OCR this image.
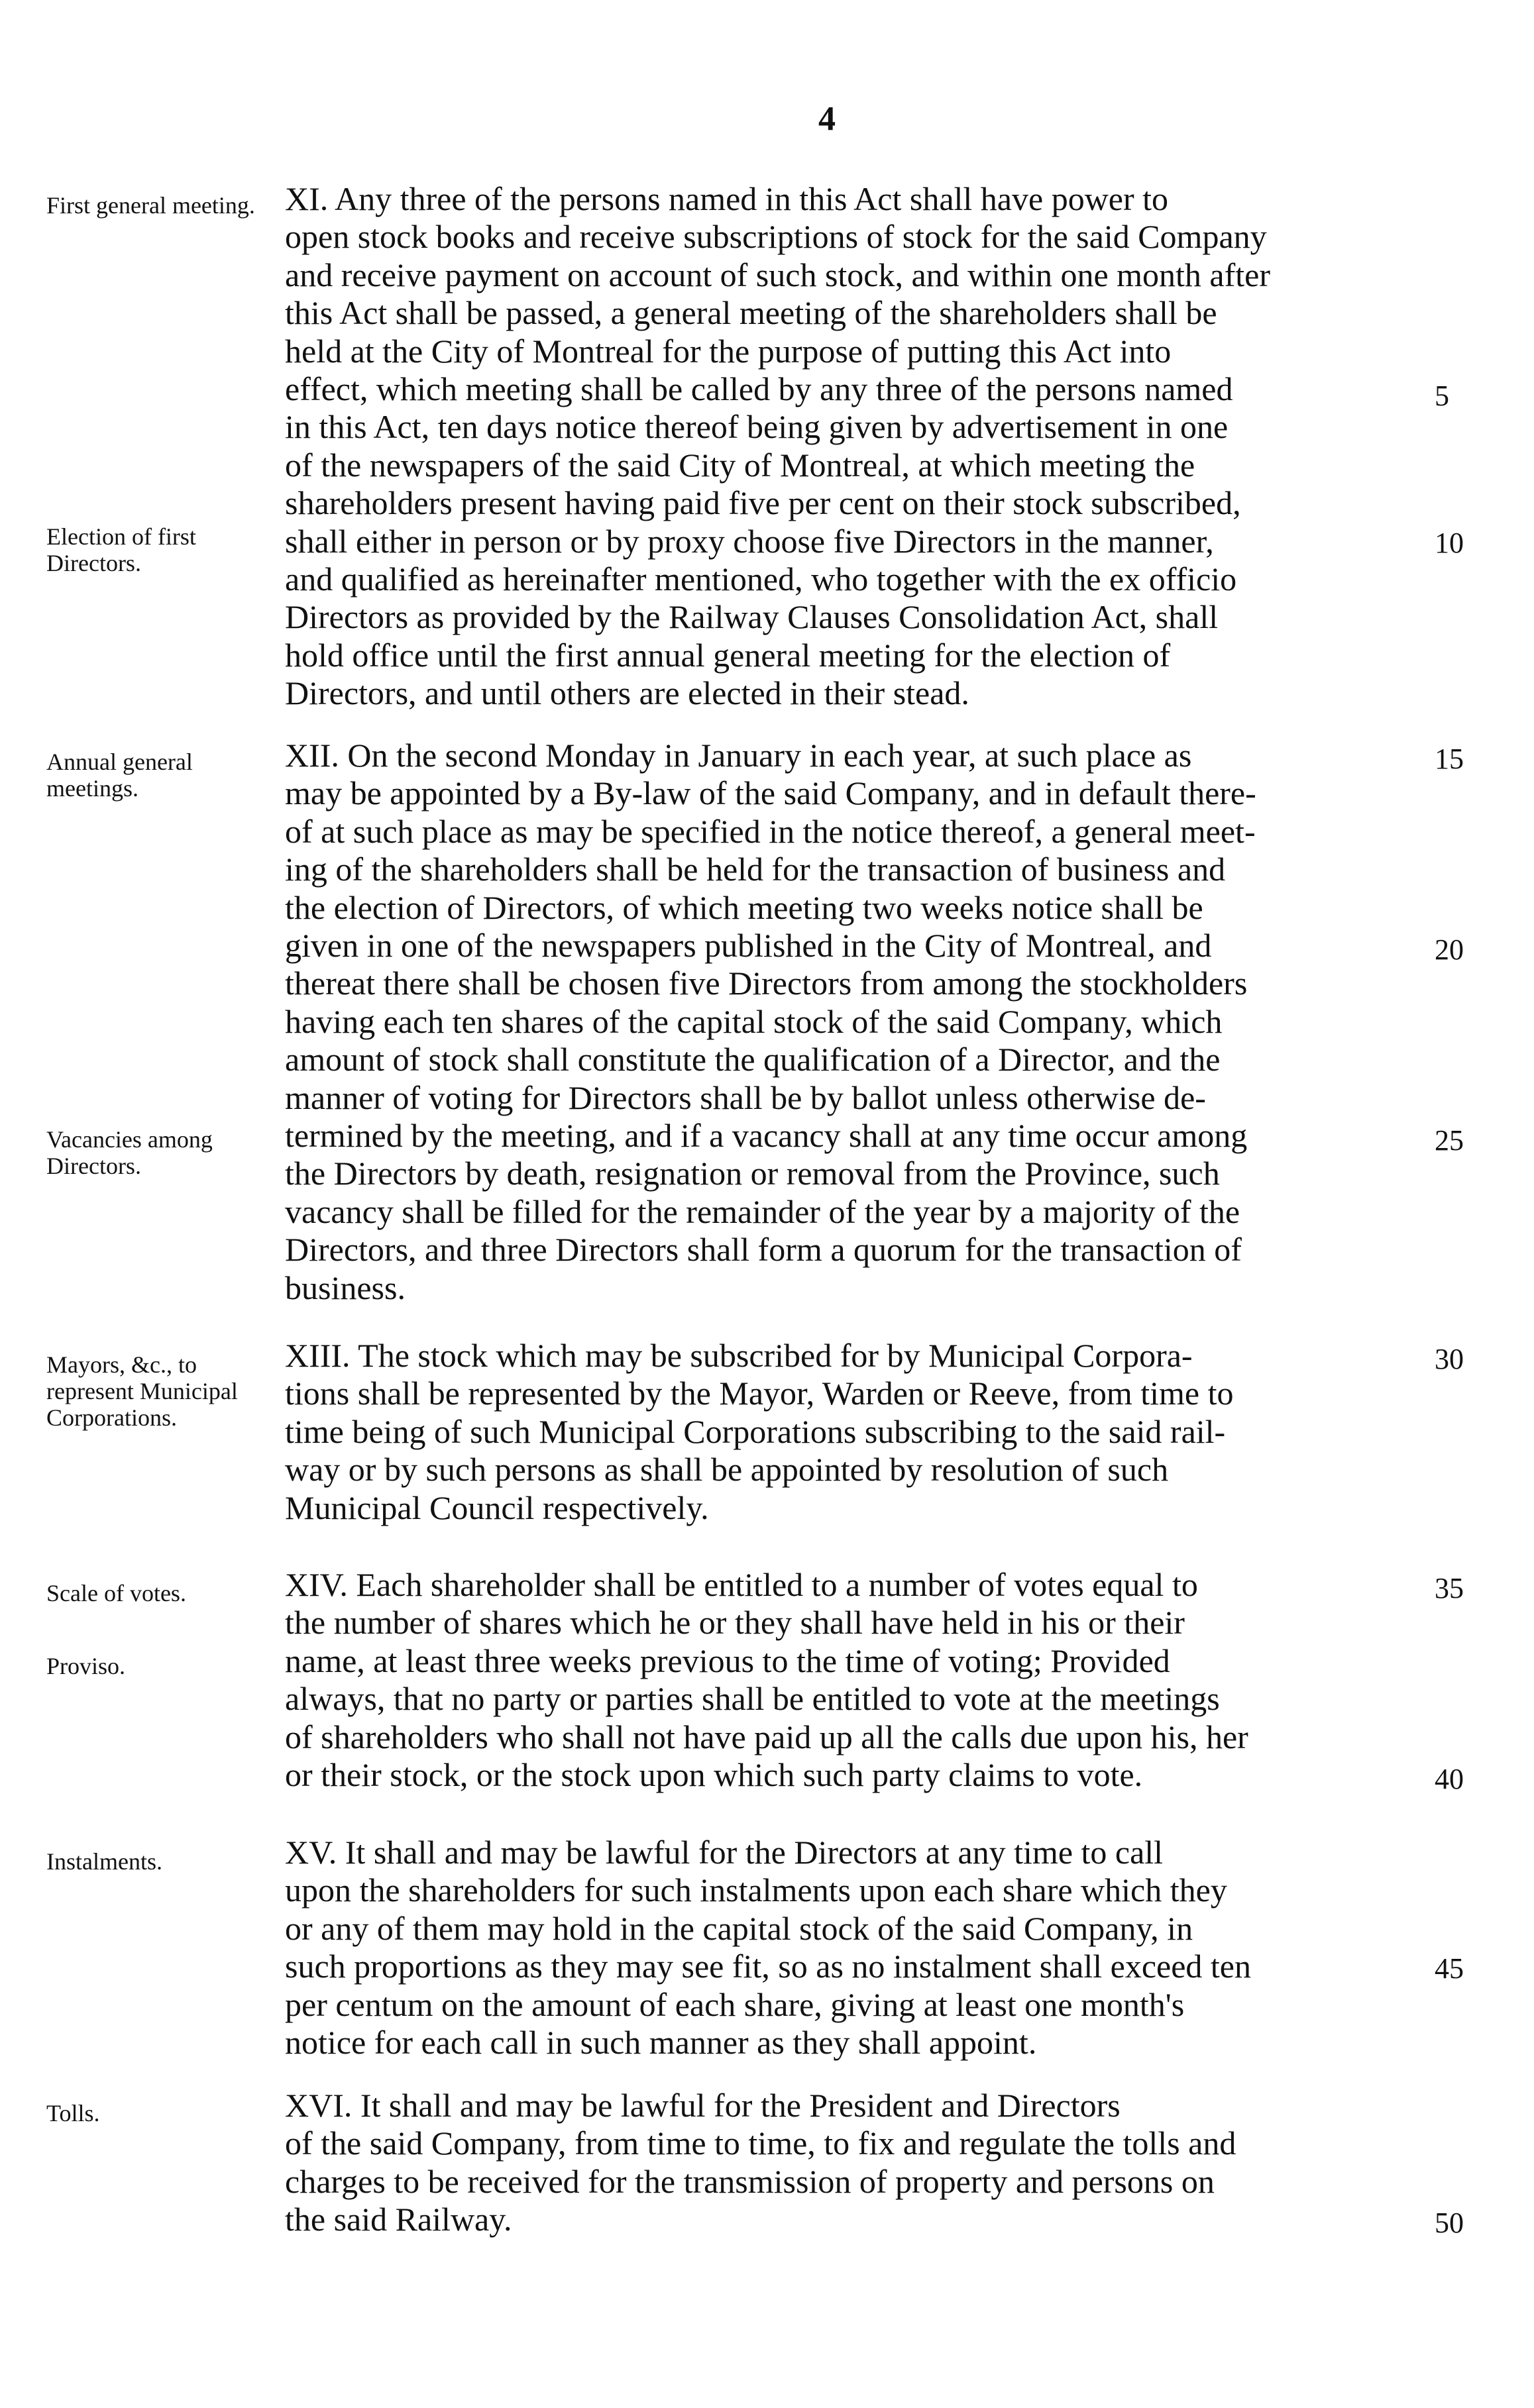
4
First general meeting.
Election of first Directors.
Annual general meetings.
Vacancies among Directors.
Mayors, &c., to represent Municipal Corporations.
Scale of votes.
Proviso.
Instalments.
Tolls.
XI. Any three of the persons named in this Act shall have power to
open stock books and receive subscriptions of stock for the said Company
and receive payment on account of such stock, and within one month after
this Act shall be passed, a general meeting of the shareholders shall be
held at the City of Montreal for the purpose of putting this Act into
effect, which meeting shall be called by any three of the persons named
in this Act, ten days notice thereof being given by advertisement in one
of the newspapers of the said City of Montreal, at which meeting the
shareholders present having paid five per cent on their stock subscribed,
shall either in person or by proxy choose five Directors in the manner,
and qualified as hereinafter mentioned, who together with the ex officio
Directors as provided by the Railway Clauses Consolidation Act, shall
hold office until the first annual general meeting for the election of
Directors, and until others are elected in their stead.
XII. On the second Monday in January in each year, at such place as
may be appointed by a By-law of the said Company, and in default there-
of at such place as may be specified in the notice thereof, a general meet-
ing of the shareholders shall be held for the transaction of business and
the election of Directors, of which meeting two weeks notice shall be
given in one of the newspapers published in the City of Montreal, and
thereat there shall be chosen five Directors from among the stockholders
having each ten shares of the capital stock of the said Company, which
amount of stock shall constitute the qualification of a Director, and the
manner of voting for Directors shall be by ballot unless otherwise de-
termined by the meeting, and if a vacancy shall at any time occur among
the Directors by death, resignation or removal from the Province, such
vacancy shall be filled for the remainder of the year by a majority of the
Directors, and three Directors shall form a quorum for the transaction of
business.
XIII. The stock which may be subscribed for by Municipal Corpora-
tions shall be represented by the Mayor, Warden or Reeve, from time to
time being of such Municipal Corporations subscribing to the said rail-
way or by such persons as shall be appointed by resolution of such
Municipal Council respectively.
XIV. Each shareholder shall be entitled to a number of votes equal to
the number of shares which he or they shall have held in his or their
name, at least three weeks previous to the time of voting; Provided
always, that no party or parties shall be entitled to vote at the meetings
of shareholders who shall not have paid up all the calls due upon his, her
or their stock, or the stock upon which such party claims to vote.
XV. It shall and may be lawful for the Directors at any time to call
upon the shareholders for such instalments upon each share which they
or any of them may hold in the capital stock of the said Company, in
such proportions as they may see fit, so as no instalment shall exceed ten
per centum on the amount of each share, giving at least one month's
notice for each call in such manner as they shall appoint.
XVI. It shall and may be lawful for the President and Directors
of the said Company, from time to time, to fix and regulate the tolls and
charges to be received for the transmission of property and persons on
the said Railway.
5
10
15
20
25
30
35
40
45
50
